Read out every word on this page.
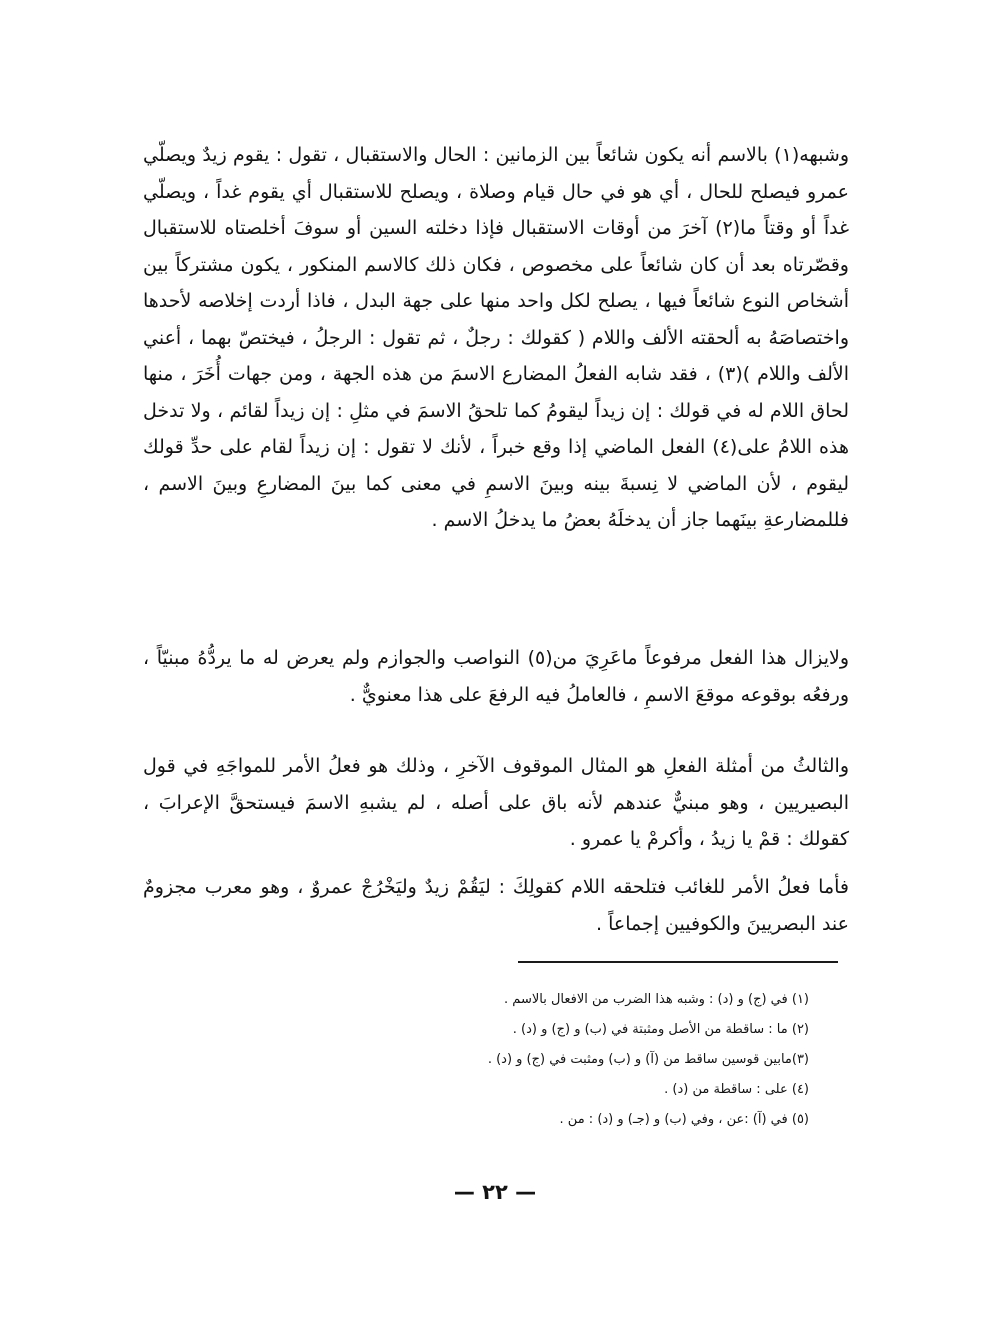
وشبهه(١) بالاسم أنه يكون شائعاً بين الزمانين : الحال والاستقبال ، تقول : يقوم زيدٌ ويصلّي عمرو فيصلح للحال ، أي هو في حال قيام وصلاة ، ويصلح للاستقبال أي يقوم غداً ، ويصلّي غداً أو وقتاً ما(٢) آخرَ من أوقات الاستقبال فإذا دخلته السين أو سوفَ أخلصتاه للاستقبال وقصّرتاه بعد أن كان شائعاً على مخصوص ، فكان ذلك كالاسم المنكور ، يكون مشتركاً بين أشخاص النوع شائعاً فيها ، يصلح لكل واحد منها على جهة البدل ، فاذا أردت إخلاصه لأحدها واختصاصَهُ به ألحقته الألف واللام ( كقولك : رجلٌ ، ثم تقول : الرجلُ ، فيختصّ بهما ، أعني الألف واللام )(٣) ، فقد شابه الفعلُ المضارع الاسمَ من هذه الجهة ، ومن جهات أُخَرَ ، منها لحاق اللام له في قولك : إن زيداً ليقومُ كما تلحقُ الاسمَ في مثلِ : إن زيداً لقائم ، ولا تدخل هذه اللامُ على(٤) الفعل الماضي إذا وقع خبراً ، لأنك لا تقول : إن زيداً لقام على حدِّ قولك ليقوم ، لأن الماضي لا نِسبةَ بينه وبينَ الاسمِ في معنى كما بينَ المضارعِ وبينَ الاسم ، فللمضارعةِ بينَهما جاز أن يدخلَهُ بعضُ ما يدخلُ الاسم .

ولايزال هذا الفعل مرفوعاً ماعَرِيَ من(٥) النواصب والجوازم ولم يعرض له ما يردُّهُ مبنيّاً ، ورفعُه بوقوعه موقعَ الاسمِ ، فالعاملُ فيه الرفعَ على هذا معنويٌّ .

والثالثُ من أمثلة الفعلِ هو المثال الموقوف الآخرِ ، وذلك هو فعلُ الأمر للمواجَهِ في قول البصيريين ، وهو مبنيٌّ عندهم لأنه باق على أصله ، لم يشبهِ الاسمَ فيستحقَّ الإعرابَ ، كقولك : قمْ يا زيدُ ، وأكرمْ يا عمرو .

فأما فعلُ الأمر للغائب فتلحقه اللام كقولِكَ : ليَقُمْ زيدٌ وليَخْرُجْ عمروٌ ، وهو معرب مجزومٌ عند البصريينَ والكوفيين إجماعاً .

(١) في (ج) و (د) : وشبه هذا الضرب من الافعال بالاسم .

(٢) ما : ساقطة من الأصل ومثبتة في (ب) و (ج) و (د) .

(٣)مابين قوسين ساقط من (آ) و (ب) ومثبت في (ج) و (د) .

(٤) على : ساقطة من (د) .

(٥) في (آ) :عن ، وفي (ب) و (جـ) و (د) : من .

— ٢٢ —
